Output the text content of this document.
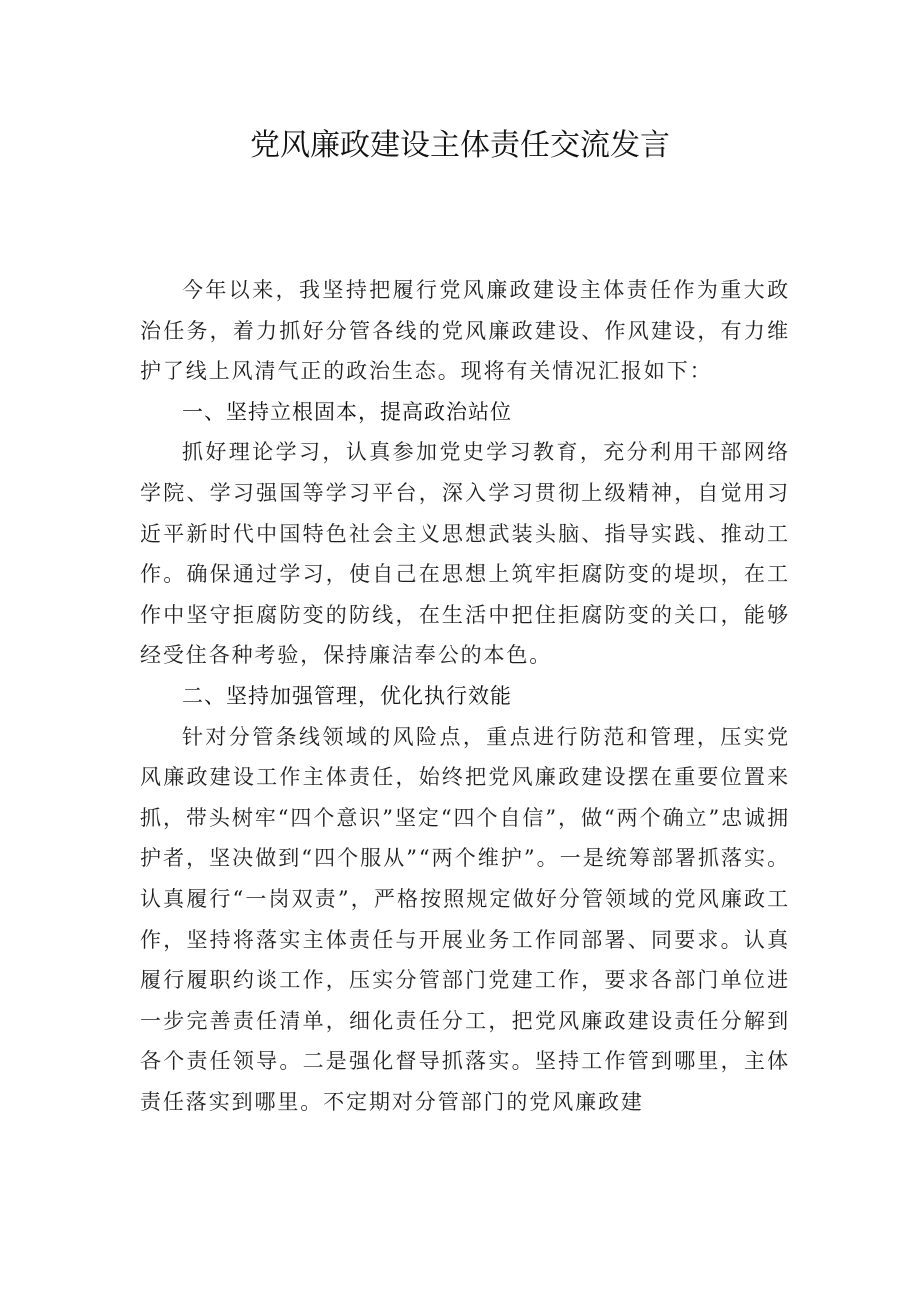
党风廉政建设主体责任交流发言

今年以来，我坚持把履行党风廉政建设主体责任作为重大政治任务，着力抓好分管各线的党风廉政建设、作风建设，有力维护了线上风清气正的政治生态。现将有关情况汇报如下：

一、坚持立根固本，提高政治站位

抓好理论学习，认真参加党史学习教育，充分利用干部网络学院、学习强国等学习平台，深入学习贯彻上级精神，自觉用习近平新时代中国特色社会主义思想武装头脑、指导实践、推动工作。确保通过学习，使自己在思想上筑牢拒腐防变的堤坝，在工作中坚守拒腐防变的防线，在生活中把住拒腐防变的关口，能够经受住各种考验，保持廉洁奉公的本色。

二、坚持加强管理，优化执行效能

针对分管条线领域的风险点，重点进行防范和管理，压实党风廉政建设工作主体责任，始终把党风廉政建设摆在重要位置来抓，带头树牢“四个意识”坚定“四个自信”，做“两个确立”忠诚拥护者，坚决做到“四个服从”“两个维护”。一是统筹部署抓落实。认真履行“一岗双责”，严格按照规定做好分管领域的党风廉政工作，坚持将落实主体责任与开展业务工作同部署、同要求。认真履行履职约谈工作，压实分管部门党建工作，要求各部门单位进一步完善责任清单，细化责任分工，把党风廉政建设责任分解到各个责任领导。二是强化督导抓落实。坚持工作管到哪里，主体责任落实到哪里。不定期对分管部门的党风廉政建
